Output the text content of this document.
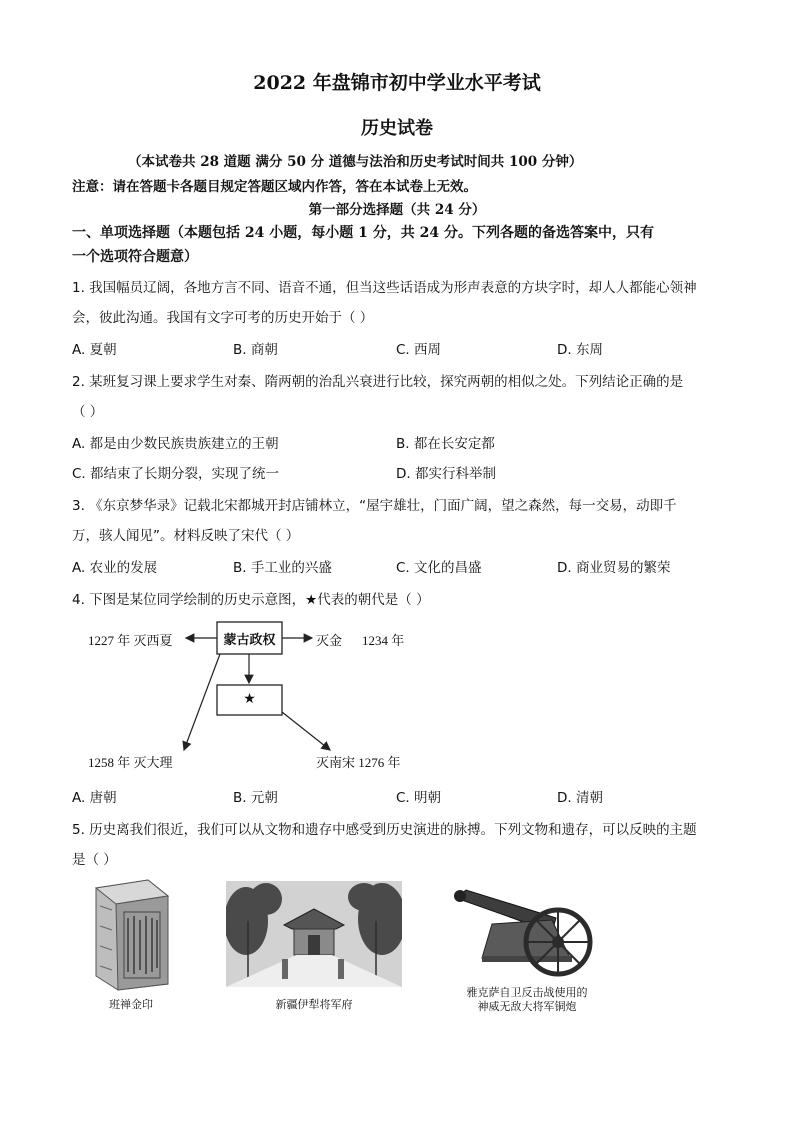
2022 年盘锦市初中学业水平考试
历史试卷
（本试卷共 28 道题 满分 50 分 道德与法治和历史考试时间共 100 分钟）
注意：请在答题卡各题目规定答题区域内作答，答在本试卷上无效。
第一部分选择题（共 24 分）
一、单项选择题（本题包括 24 小题，每小题 1 分，共 24 分。下列各题的备选答案中，只有
一个选项符合题意）
1. 我国幅员辽阔，各地方言不同、语音不通，但当这些话语成为形声表意的方块字时，却人人都能心领神
会，彼此沟通。我国有文字可考的历史开始于（ ）
A. 夏朝	B. 商朝	C. 西周	D. 东周
2. 某班复习课上要求学生对秦、隋两朝的治乱兴衰进行比较，探究两朝的相似之处。下列结论正确的是
（ ）
A. 都是由少数民族贵族建立的王朝	B. 都在长安定都
C. 都结束了长期分裂，实现了统一	D. 都实行科举制
3. 《东京梦华录》记载北宋都城开封店铺林立，“屋宇雄壮，门面广阔，望之森然，每一交易，动即千
万，骇人闻见”。材料反映了宋代（ ）
A. 农业的发展	B. 手工业的兴盛	C. 文化的昌盛	D. 商业贸易的繁荣
4. 下图是某位同学绘制的历史示意图，★代表的朝代是（ ）
蒙古政权
★
1227 年 灭西夏	灭金 1234 年
1258 年 灭大理	灭南宋 1276 年
A. 唐朝	B. 元朝	C. 明朝	D. 清朝
5. 历史离我们很近，我们可以从文物和遗存中感受到历史演进的脉搏。下列文物和遗存，可以反映的主题
是（ ）
班禅金印	新疆伊犁将军府
雅克萨自卫反击战使用的
神威无敌大将军铜炮
